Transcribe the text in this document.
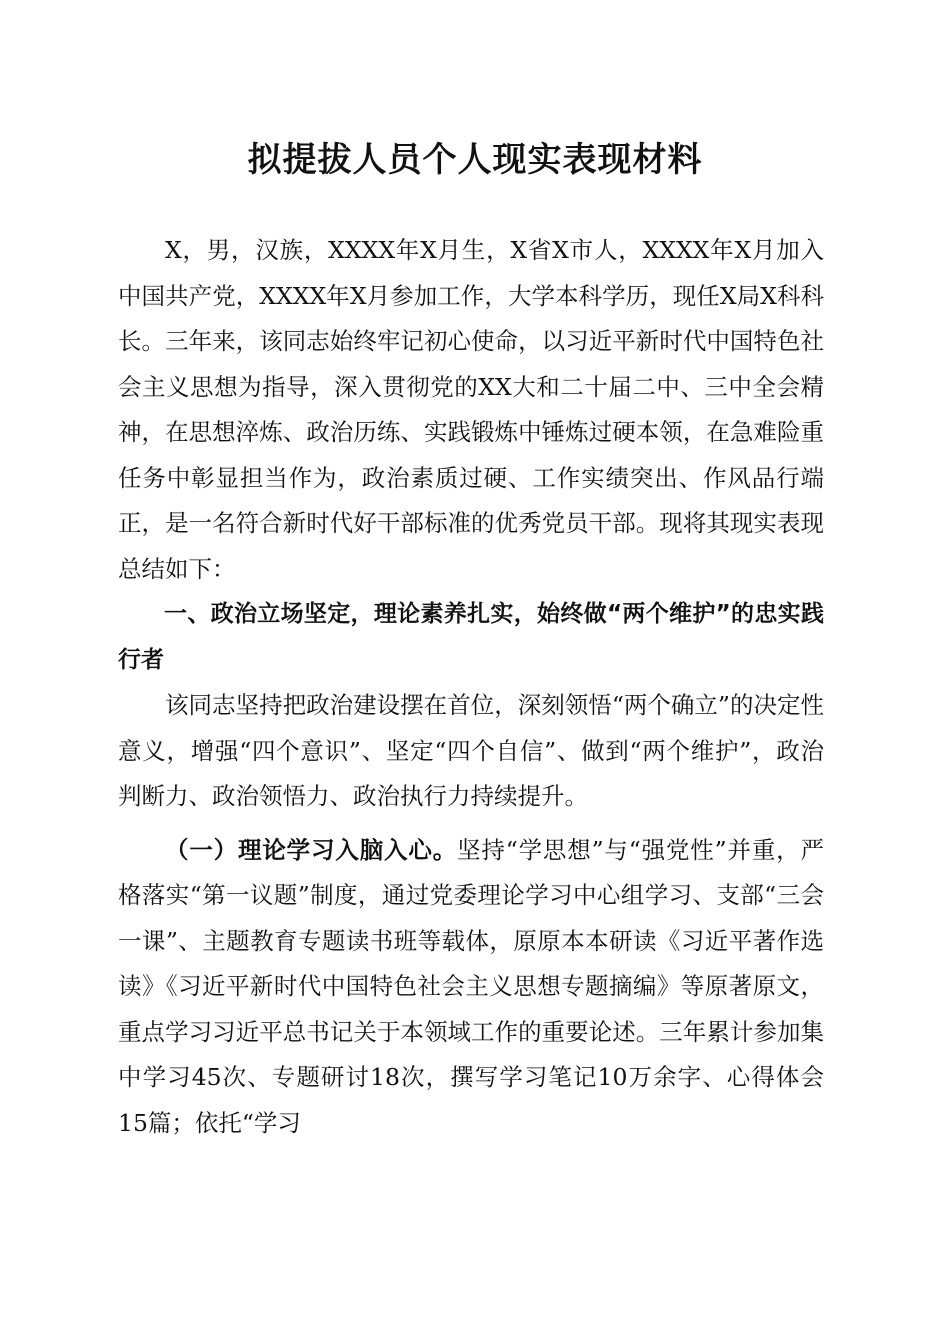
拟提拔人员个人现实表现材料

X，男，汉族，XXXX年X月生，X省X市人，XXXX年X月加入中国共产党，XXXX年X月参加工作，大学本科学历，现任X局X科科长。三年来，该同志始终牢记初心使命，以习近平新时代中国特色社会主义思想为指导，深入贯彻党的XX大和二十届二中、三中全会精神，在思想淬炼、政治历练、实践锻炼中锤炼过硬本领，在急难险重任务中彰显担当作为，政治素质过硬、工作实绩突出、作风品行端正，是一名符合新时代好干部标准的优秀党员干部。现将其现实表现总结如下：

一、政治立场坚定，理论素养扎实，始终做“两个维护”的忠实践行者

该同志坚持把政治建设摆在首位，深刻领悟“两个确立”的决定性意义，增强“四个意识”、坚定“四个自信”、做到“两个维护”，政治判断力、政治领悟力、政治执行力持续提升。

（一）理论学习入脑入心。坚持“学思想”与“强党性”并重，严格落实“第一议题”制度，通过党委理论学习中心组学习、支部“三会一课”、主题教育专题读书班等载体，原原本本研读《习近平著作选读》《习近平新时代中国特色社会主义思想专题摘编》等原著原文，重点学习习近平总书记关于本领域工作的重要论述。三年累计参加集中学习45次、专题研讨18次，撰写学习笔记10万余字、心得体会15篇；依托“学习
